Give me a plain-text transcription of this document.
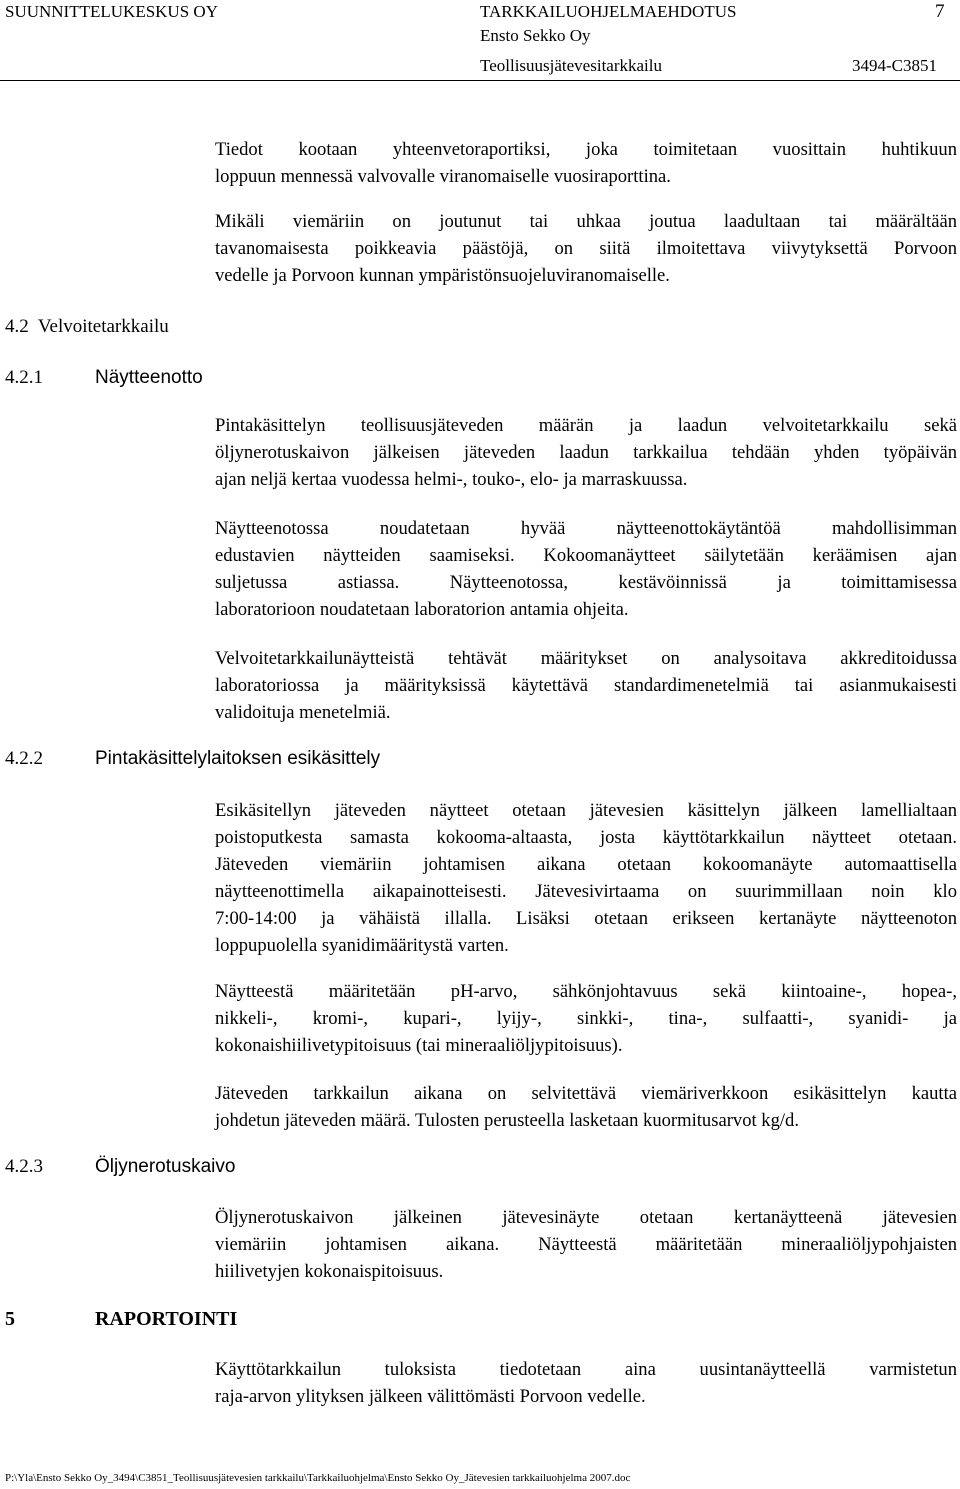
SUUNNITTELUKESKUS OY	TARKKAILUOHJELMAEHDOTUS	7
Ensto Sekko Oy
Teollisuusjätevesitarkkailu	3494-C3851
4.2  Velvoitetarkkailu
4.2.1	Näytteenotto
4.2.2	Pintakäsittelylaitoksen esikäsittely
4.2.3	Öljynerotuskaivo
5	RAPORTOINTI
Tiedot kootaan yhteenvetoraportiksi, joka toimitetaan vuosittain huhtikuun
loppuun mennessä valvovalle viranomaiselle vuosiraporttina.
Mikäli viemäriin on joutunut tai uhkaa joutua laadultaan tai määrältään
tavanomaisesta poikkeavia päästöjä, on siitä ilmoitettava viivytyksettä Porvoon
vedelle ja Porvoon kunnan ympäristönsuojeluviranomaiselle.
Pintakäsittelyn teollisuusjäteveden määrän ja laadun velvoitetarkkailu sekä
öljynerotuskaivon jälkeisen jäteveden laadun tarkkailua tehdään yhden työpäivän
ajan neljä kertaa vuodessa helmi-, touko-, elo- ja marraskuussa.
Näytteenotossa noudatetaan hyvää näytteenottokäytäntöä mahdollisimman
edustavien näytteiden saamiseksi. Kokoomanäytteet säilytetään keräämisen ajan
suljetussa astiassa. Näytteenotossa, kestävöinnissä ja toimittamisessa
laboratorioon noudatetaan laboratorion antamia ohjeita.
Velvoitetarkkailunäytteistä tehtävät määritykset on analysoitava akkreditoidussa
laboratoriossa ja määrityksissä käytettävä standardimenetelmiä tai asianmukaisesti
validoituja menetelmiä.
Esikäsitellyn jäteveden näytteet otetaan jätevesien käsittelyn jälkeen lamellialtaan
poistoputkesta samasta kokooma-altaasta, josta käyttötarkkailun näytteet otetaan.
Jäteveden viemäriin johtamisen aikana otetaan kokoomanäyte automaattisella
näytteenottimella aikapainotteisesti. Jätevesivirtaama on suurimmillaan noin klo
7:00-14:00 ja vähäistä illalla. Lisäksi otetaan erikseen kertanäyte näytteenoton
loppupuolella syanidimääritystä varten.
Näytteestä määritetään pH-arvo, sähkönjohtavuus sekä kiintoaine-, hopea-,
nikkeli-, kromi-, kupari-, lyijy-, sinkki-, tina-, sulfaatti-, syanidi- ja
kokonaishiilivetypitoisuus (tai mineraaliöljypitoisuus).
Jäteveden tarkkailun aikana on selvitettävä viemäriverkkoon esikäsittelyn kautta
johdetun jäteveden määrä. Tulosten perusteella lasketaan kuormitusarvot kg/d.
Öljynerotuskaivon jälkeinen jätevesinäyte otetaan kertanäytteenä jätevesien
viemäriin johtamisen aikana. Näytteestä määritetään mineraaliöljypohjaisten
hiilivetyjen kokonaispitoisuus.
Käyttötarkkailun tuloksista tiedotetaan aina uusintanäytteellä varmistetun
raja-arvon ylityksen jälkeen välittömästi Porvoon vedelle.
P:\Yla\Ensto Sekko Oy_3494\C3851_Teollisuusjätevesien tarkkailu\Tarkkailuohjelma\Ensto Sekko Oy_Jätevesien tarkkailuohjelma 2007.doc
